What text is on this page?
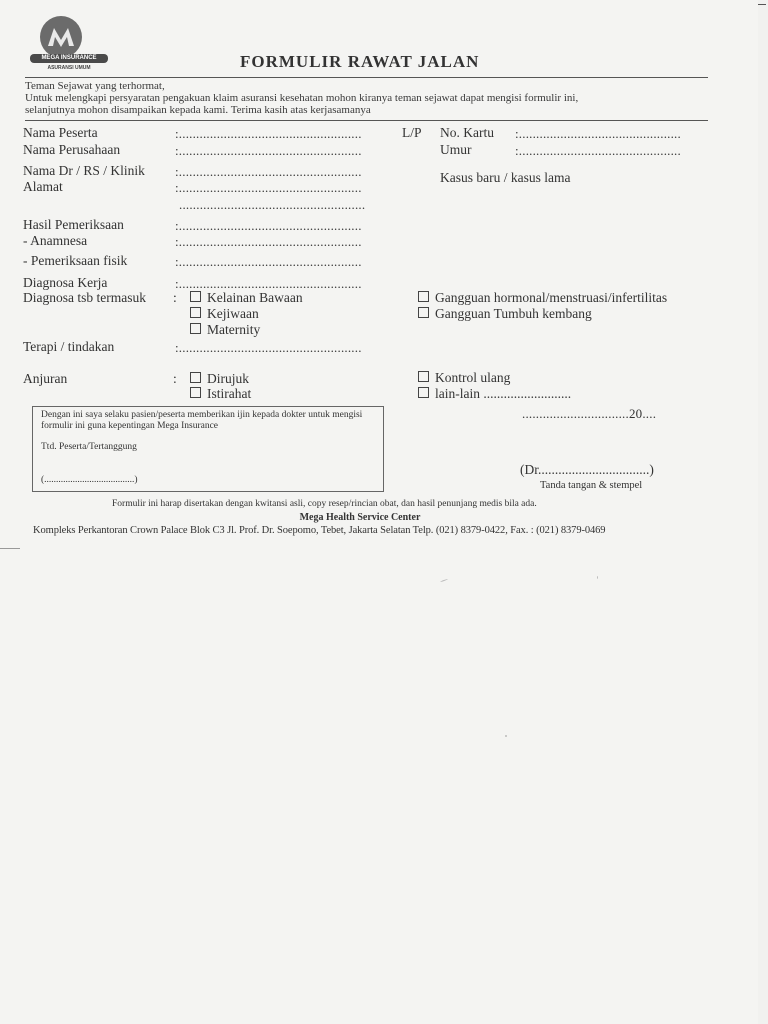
MEGA INSURANCE
ASURANSI UMUM	FORMULIR RAWAT JALAN
Teman Sejawat yang terhormat,
Untuk melengkapi persyaratan pengakuan klaim asuransi kesehatan mohon kiranya teman sejawat dapat mengisi formulir ini,
selanjutnya mohon disampaikan kepada kami. Terima kasih atas kerjasamanya
Nama Peserta
Nama Perusahaan
Nama Dr / RS / Klinik
Alamat
Hasil Pemeriksaan
- Anamnesa
- Pemeriksaan fisik
Diagnosa Kerja
Diagnosa tsb termasuk :
Terapi / tindakan
Anjuran	:
:.....................................................
:.....................................................
:.....................................................
:.....................................................
......................................................
:.....................................................
:.....................................................
:.....................................................
:.....................................................
:.....................................................
L/P No. Kartu
Umur
:...............................................
:...............................................
Kasus baru / kasus lama
Kelainan Bawaan
Kejiwaan
Maternity
Gangguan hormonal/menstruasi/infertilitas
Gangguan Tumbuh kembang
Dirujuk
Istirahat
Kontrol ulang
lain-lain ..........................
Dengan ini saya selaku pasien/peserta memberikan ijin kepada dokter untuk mengisi formulir ini guna kepentingan Mega Insurance
Ttd. Peserta/Tertanggung
(......................................)
...............................20....
(Dr.................................)
Tanda tangan & stempel
Formulir ini harap disertakan dengan kwitansi asli, copy resep/rincian obat, dan hasil penunjang medis bila ada.
Mega Health Service Center
Kompleks Perkantoran Crown Palace Blok C3 Jl. Prof. Dr. Soepomo, Tebet, Jakarta Selatan Telp. (021) 8379-0422, Fax. : (021) 8379-0469
